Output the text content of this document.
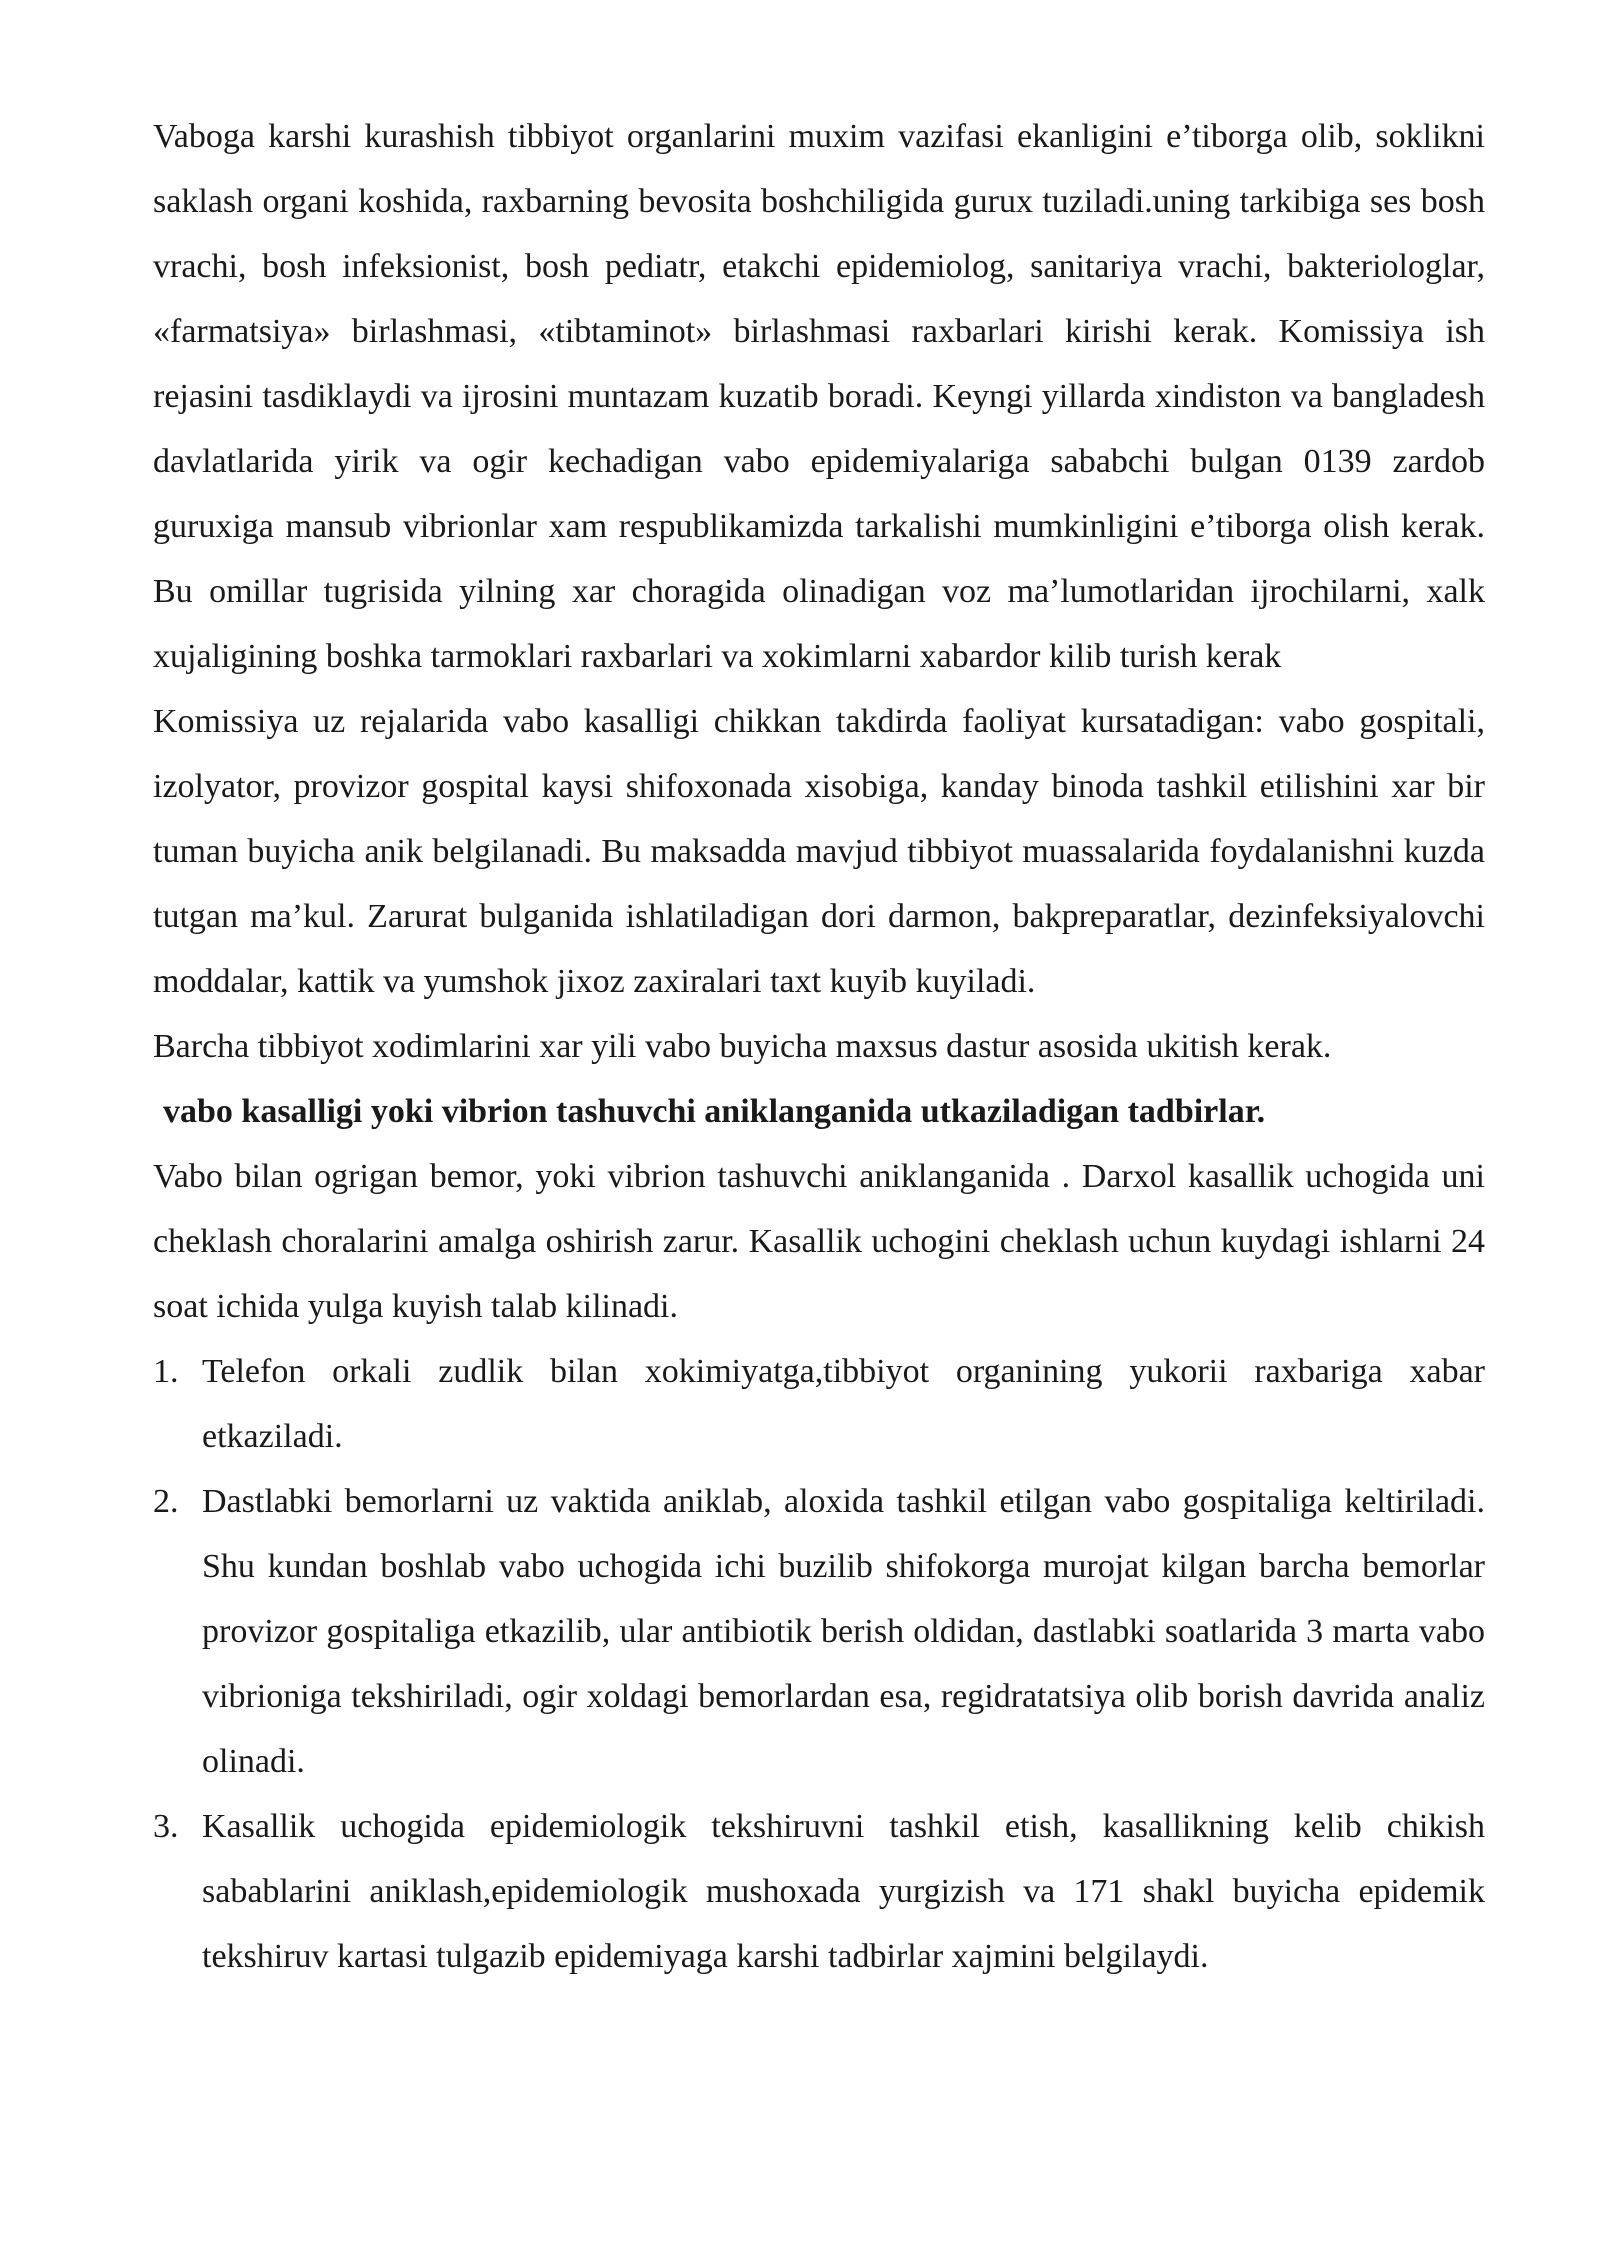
Vaboga karshi kurashish tibbiyot organlarini muxim vazifasi ekanligini e’tiborga olib, soklikni saklash organi koshida, raxbarning bevosita boshchiligida gurux tuziladi.uning tarkibiga ses bosh vrachi, bosh infeksionist, bosh pediatr, etakchi epidemiolog, sanitariya vrachi, bakteriologlar, «farmatsiya» birlashmasi, «tibtaminot» birlashmasi raxbarlari kirishi kerak. Komissiya ish rejasini tasdiklaydi va ijrosini muntazam kuzatib boradi. Keyngi yillarda xindiston va bangladesh davlatlarida yirik va ogir kechadigan vabo epidemiyalariga sababchi bulgan 0139 zardob guruxiga mansub vibrionlar xam respublikamizda tarkalishi mumkinligini e’tiborga olish kerak. Bu omillar tugrisida yilning xar choragida olinadigan voz ma’lumotlaridan ijrochilarni, xalk xujaligining boshka tarmoklari raxbarlari va xokimlarni xabardor kilib turish kerak

Komissiya uz rejalarida vabo kasalligi chikkan takdirda faoliyat kursatadigan: vabo gospitali, izolyator, provizor gospital kaysi shifoxonada xisobiga, kanday binoda tashkil etilishini xar bir tuman buyicha anik belgilanadi. Bu maksadda mavjud tibbiyot muassalarida foydalanishni kuzda tutgan ma’kul. Zarurat bulganida ishlatiladigan dori darmon, bakpreparatlar, dezinfeksiyalovchi moddalar, kattik va yumshok jixoz zaxiralari taxt kuyib kuyiladi.

Barcha tibbiyot xodimlarini xar yili vabo buyicha maxsus dastur asosida ukitish kerak.

vabo kasalligi yoki vibrion tashuvchi aniklanganida utkaziladigan tadbirlar.

Vabo bilan ogrigan bemor, yoki vibrion tashuvchi aniklanganida . Darxol kasallik uchogida uni cheklash choralarini amalga oshirish zarur. Kasallik uchogini cheklash uchun kuydagi ishlarni 24 soat ichida yulga kuyish talab kilinadi.

1. Telefon orkali zudlik bilan xokimiyatga,tibbiyot organining yukorii raxbariga xabar etkaziladi.
2. Dastlabki bemorlarni uz vaktida aniklab, aloxida tashkil etilgan vabo gospitaliga keltiriladi. Shu kundan boshlab vabo uchogida ichi buzilib shifokorga murojat kilgan barcha bemorlar provizor gospitaliga etkazilib, ular antibiotik berish oldidan, dastlabki soatlarida 3 marta vabo vibrioniga tekshiriladi, ogir xoldagi bemorlardan esa, regidratatsiya olib borish davrida analiz olinadi.
3. Kasallik uchogida epidemiologik tekshiruvni tashkil etish, kasallikning kelib chikish sabablarini aniklash,epidemiologik mushoxada yurgizish va 171 shakl buyicha epidemik tekshiruv kartasi tulgazib epidemiyaga karshi tadbirlar xajmini belgilaydi.
